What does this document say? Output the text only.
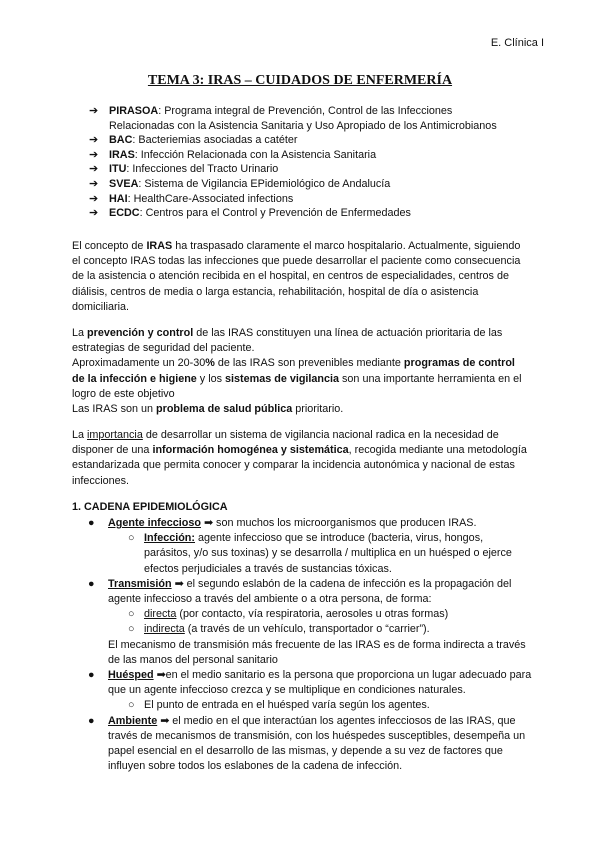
E. Clínica I
TEMA 3: IRAS – CUIDADOS DE ENFERMERÍA
➔	PIRASOA: Programa integral de Prevención, Control de las Infecciones
Relacionadas con la Asistencia Sanitaria y Uso Apropiado de los Antimicrobianos
➔	BAC: Bacteriemias asociadas a catéter
➔	IRAS: Infección Relacionada con la Asistencia Sanitaria
➔	ITU: Infecciones del Tracto Urinario
➔	SVEA: Sistema de Vigilancia EPidemiológico de Andalucía
➔	HAI: HealthCare-Associated infections
➔	ECDC: Centros para el Control y Prevención de Enfermedades
El concepto de IRAS ha traspasado claramente el marco hospitalario. Actualmente, siguiendo el concepto IRAS todas las infecciones que puede desarrollar el paciente como consecuencia de la asistencia o atención recibida en el hospital, en centros de especialidades, centros de diálisis, centros de media o larga estancia, rehabilitación, hospital de día o asistencia domiciliaria.
La prevención y control de las IRAS constituyen una línea de actuación prioritaria de las estrategias de seguridad del paciente.
Aproximadamente un 20-30% de las IRAS son prevenibles mediante programas de control de la infección e higiene y los sistemas de vigilancia son una importante herramienta en el logro de este objetivo
Las IRAS son un problema de salud pública prioritario.
La importancia de desarrollar un sistema de vigilancia nacional radica en la necesidad de disponer de una información homogénea y sistemática, recogida mediante una metodología estandarizada que permita conocer y comparar la incidencia autonómica y nacional de estas infecciones.
1. CADENA EPIDEMIOLÓGICA
●	Agente infeccioso ➡ son muchos los microorganismos que producen IRAS.
○ Infección: agente infeccioso que se introduce (bacteria, virus, hongos, parásitos, y/o sus toxinas) y se desarrolla / multiplica en un huésped o ejerce efectos perjudiciales a través de sustancias tóxicas.
●	Transmisión ➡ el segundo eslabón de la cadena de infección es la propagación del agente infeccioso a través del ambiente o a otra persona, de forma:
○ directa (por contacto, vía respiratoria, aerosoles u otras formas)
○ indirecta (a través de un vehículo, transportador o “carrier”).
El mecanismo de transmisión más frecuente de las IRAS es de forma indirecta a través de las manos del personal sanitario
●	Huésped ➡en el medio sanitario es la persona que proporciona un lugar adecuado para que un agente infeccioso crezca y se multiplique en condiciones naturales.
○ El punto de entrada en el huésped varía según los agentes.
●	Ambiente ➡ el medio en el que interactúan los agentes infecciosos de las IRAS, que través de mecanismos de transmisión, con los huéspedes susceptibles, desempeña un papel esencial en el desarrollo de las mismas, y depende a su vez de factores que influyen sobre todos los eslabones de la cadena de infección.
